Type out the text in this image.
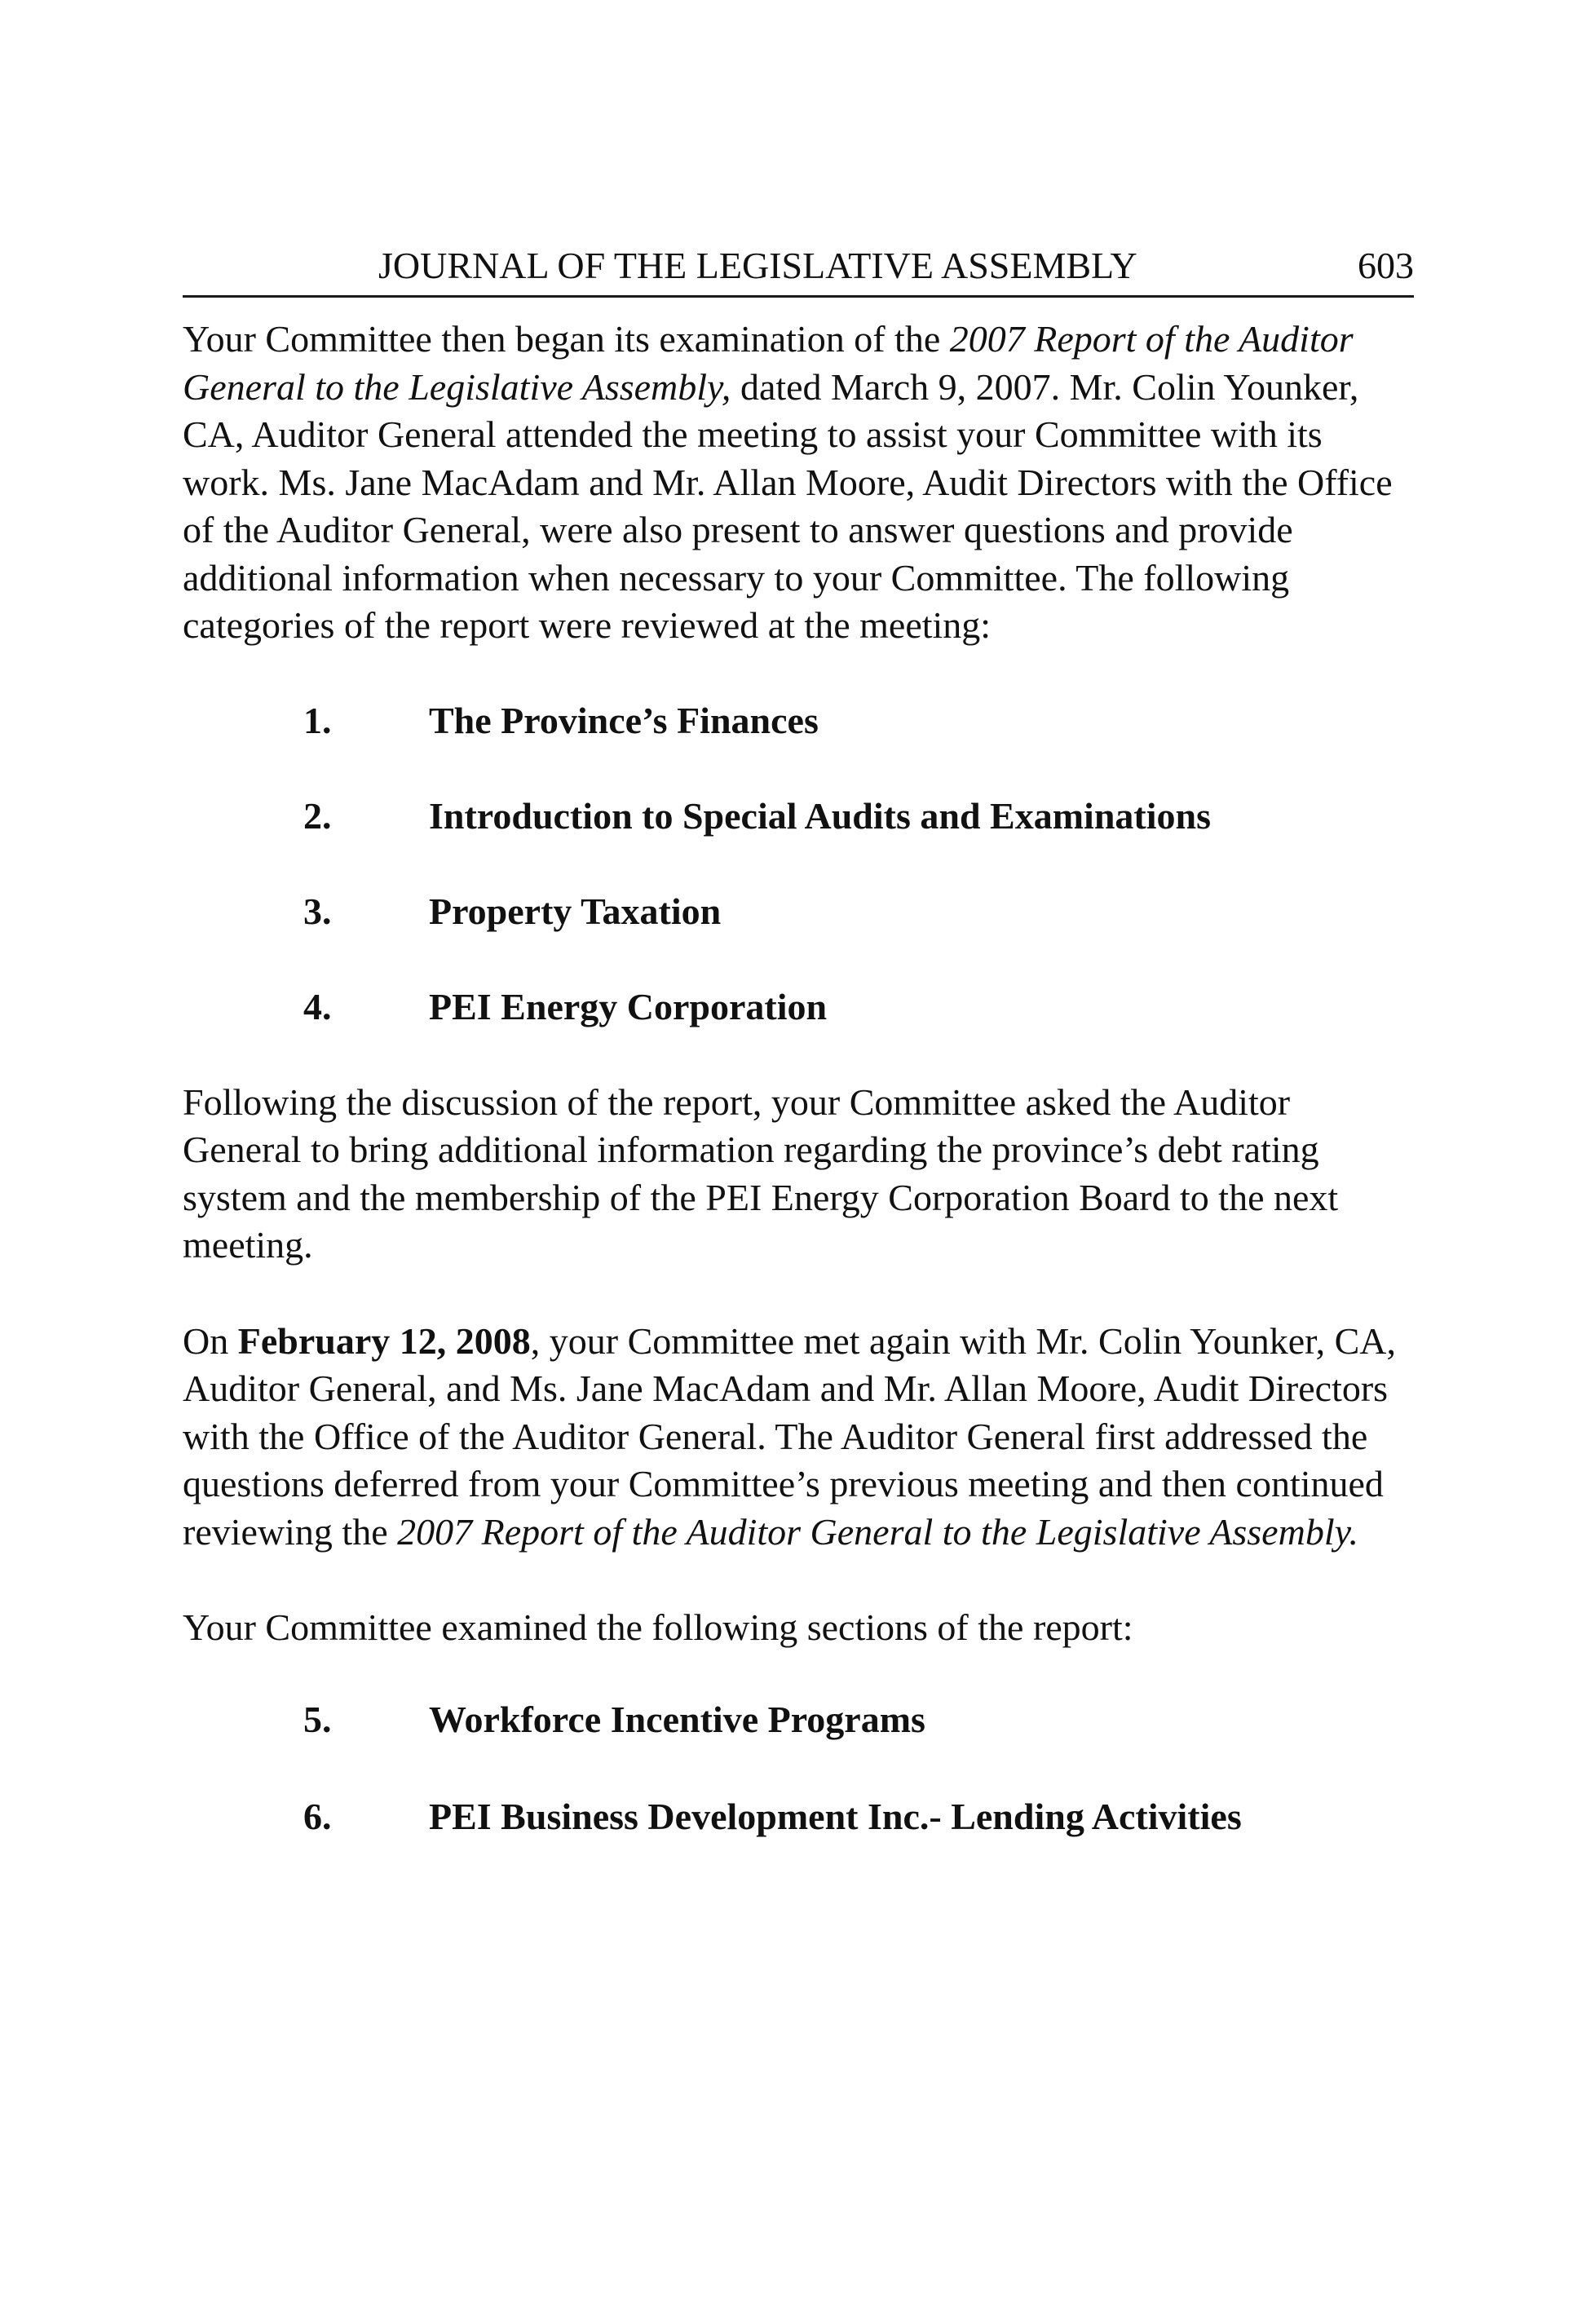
JOURNAL OF THE LEGISLATIVE ASSEMBLY	603

Your Committee then began its examination of the 2007 Report of the Auditor General to the Legislative Assembly, dated March 9, 2007. Mr. Colin Younker, CA, Auditor General attended the meeting to assist your Committee with its work. Ms. Jane MacAdam and Mr. Allan Moore, Audit Directors with the Office of the Auditor General, were also present to answer questions and provide additional information when necessary to your Committee. The following categories of the report were reviewed at the meeting:

1.	The Province’s Finances
2.	Introduction to Special Audits and Examinations
3.	Property Taxation
4.	PEI Energy Corporation

Following the discussion of the report, your Committee asked the Auditor General to bring additional information regarding the province’s debt rating system and the membership of the PEI Energy Corporation Board to the next meeting.

On February 12, 2008, your Committee met again with Mr. Colin Younker, CA, Auditor General, and Ms. Jane MacAdam and Mr. Allan Moore, Audit Directors with the Office of the Auditor General. The Auditor General first addressed the questions deferred from your Committee’s previous meeting and then continued reviewing the 2007 Report of the Auditor General to the Legislative Assembly.

Your Committee examined the following sections of the report:

5.	Workforce Incentive Programs
6.	PEI Business Development Inc.- Lending Activities
